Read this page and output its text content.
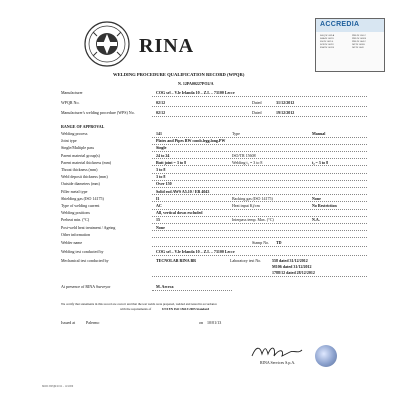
RINA
ACCREDIA
SGQ N° 002 A
SGA N° 002 D
SSI N° 002 G
SCR N° 002 F
FSM N° 001 B
PRS N° 010 C
PRD N° 005 B
PRS N° 064 C
ISP N° 003 E
ISP N° 004 I
WELDING PROCEDURE QUALIFICATION RECORD (WPQR)
N. 12PA00227PO2/A
Manufacturer	COG srl – V.le Irlanda 10 – Z.I. – 73100 Lecce
WPQR No.	02/12	Dated	31/12/2012
Manufacturer's welding procedure (WPS) No.	02/12	Dated	19/12/2012
RANGE OF APPROVAL
Welding process	141	Type	Manual
Joint type	Plates and Pipes BW comb.legg.long.PW
Single/Multiple pass	Single
Parent material group(s)	24 to 24	ISO/TR 15608
Parent material thickness (mm)	Butt joint = 3 to 8	Welding t₁ = 3 to 8	t₂ = 3 to 8
Throat thickness (mm)	3 to 8
Weld deposit thickness (mm)	3 to 8
Outside diameters (mm)	Over 150
Filler metal type	Solid rod AWS A5.10 / ER 4043
Shielding gas (ISO 14175)	I1	Backing gas (ISO 14175)	None
Type of welding current	AC	Heat input Kj/cm	No Restriction
Welding positions	All, vertical down excluded
Preheat min. (°C)	15	Interpass temp. Max. (°C)	N.A.
Post-weld heat treatment / Ageing	None
Other information
Welder name	Stamp No. TD
Welding test conducted by	COG srl – V.le Irlanda 10 – Z.I. – 73100 Lecce
Mechanical test conducted by	TECNOLAB RINA BR	Laboratory test No.	558 dated 31/12/2012
M106 dated 31/12/2012
1788/12 dated 28/12/2012
At presence of RINA Surveyor	M. Arceca
We certify that statements in this record are correct and that the test welds were prepared, welded and tested in accordance
with the requirements of	UNI EN ISO 15613:2005 Standard
Issued at	Palermo	on 10/01/13
RINA Services S.p.A.
MOD.WPQR/2012 – 12/2009
